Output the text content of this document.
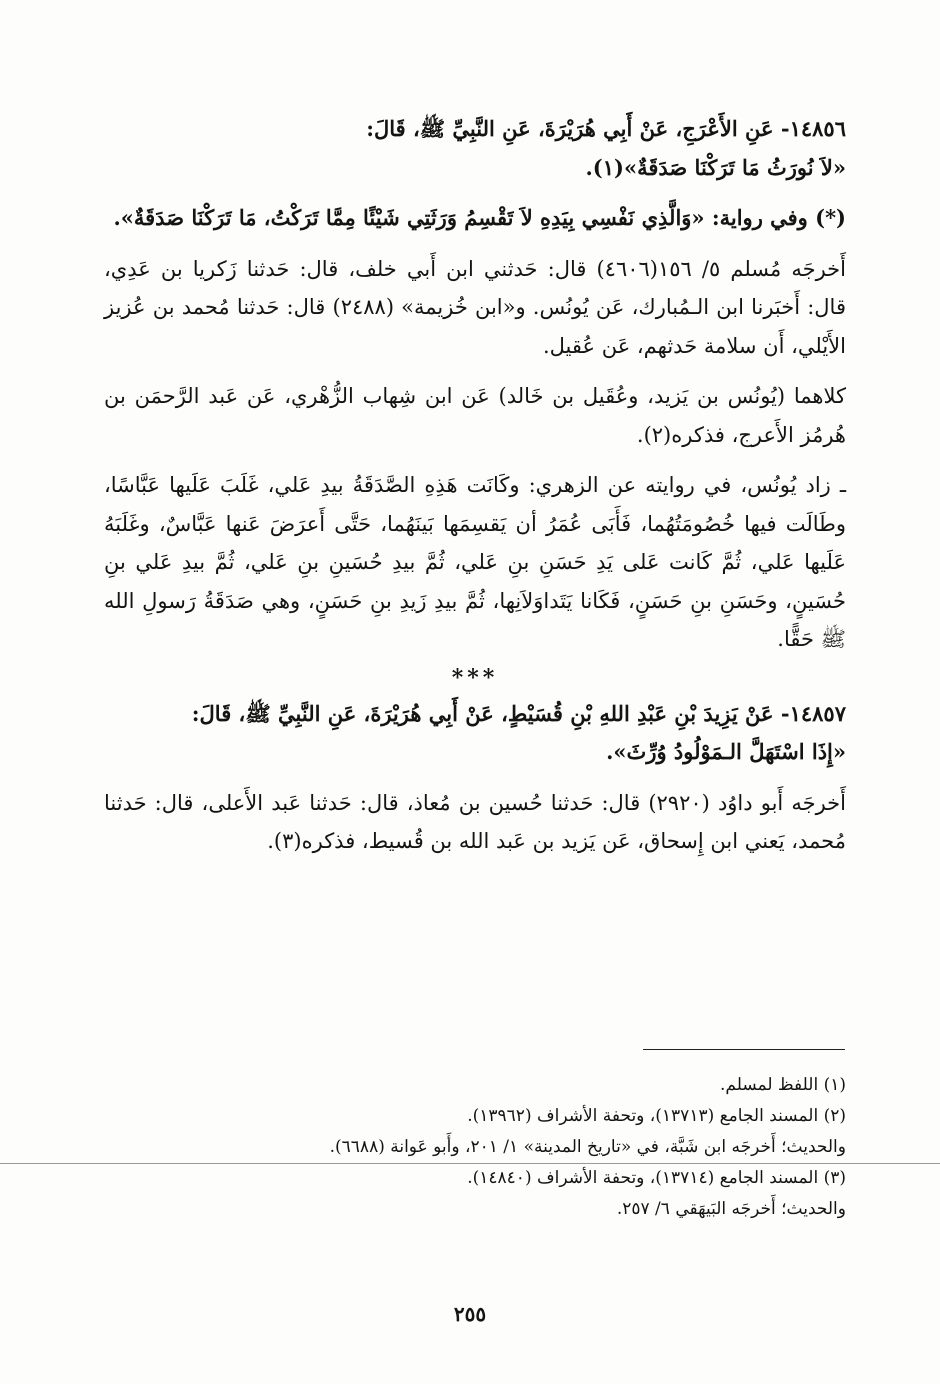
١٤٨٥٦- عَنِ الأَعْرَجِ، عَنْ أَبِي هُرَيْرَةَ، عَنِ النَّبِيِّ ﷺ، قَالَ:
«لاَ نُورَثُ مَا تَرَكْنَا صَدَقَةٌ»(١).

(*) وفي رواية: «وَالَّذِي نَفْسِي بِيَدِهِ لاَ تَقْسِمُ وَرَثَتِي شَيْئًا مِمَّا تَرَكْتُ، مَا تَرَكْنَا صَدَقَةٌ».

أَخرجَه مُسلم ٥/ ١٥٦(٤٦٠٦) قال: حَدثني ابن أَبي خلف، قال: حَدثنا زَكريا بن عَدِي، قال: أَخبَرنا ابن الـمُبارك، عَن يُونُس. و«ابن خُزيمة» (٢٤٨٨) قال: حَدثنا مُحمد بن عُزيز الأَيْلي، أَن سلامة حَدثهم، عَن عُقيل.

كلاهما (يُونُس بن يَزيد، وعُقَيل بن خَالد) عَن ابن شِهاب الزُّهْري، عَن عَبد الرَّحمَن بن هُرمُز الأَعرج، فذكره(٢).

ـ زاد يُونُس، في روايته عن الزهري: وكَانَت هَذِهِ الصَّدَقَةُ بيدِ عَلي، غَلَبَ عَلَيها عَبَّاسًا، وطَالَت فيها خُصُومَتُهُما، فَأَبَى عُمَرُ أن يَقسِمَها بَينَهُما، حَتَّى أَعرَضَ عَنها عَبَّاسٌ، وغَلَبَهُ عَلَيها عَلي، ثُمَّ كَانت عَلى يَدِ حَسَنِ بنِ عَلي، ثُمَّ بيدِ حُسَينِ بنِ عَلي، ثُمَّ بيدِ عَلي بنِ حُسَينٍ، وحَسَنِ بنِ حَسَنٍ، فَكَانا يَتَداوَلاَنِها، ثُمَّ بيدِ زَيدِ بنِ حَسَنٍ، وهي صَدَقَةُ رَسولِ الله ﷺ حَقًّا.

***

١٤٨٥٧- عَنْ يَزِيدَ بْنِ عَبْدِ اللهِ بْنِ قُسَيْطٍ، عَنْ أَبِي هُرَيْرَةَ، عَنِ النَّبِيِّ ﷺ، قَالَ:
«إِذَا اسْتَهَلَّ الـمَوْلُودُ وُرِّثَ».

أَخرجَه أَبو داوُد (٢٩٢٠) قال: حَدثنا حُسين بن مُعاذ، قال: حَدثنا عَبد الأَعلى، قال: حَدثنا مُحمد، يَعني ابن إِسحاق، عَن يَزيد بن عَبد الله بن قُسيط، فذكره(٣).

(١) اللفظ لمسلم.
(٢) المسند الجامع (١٣٧١٣)، وتحفة الأشراف (١٣٩٦٢).
والحديث؛ أَخرجَه ابن شَبَّة، في «تاريخ المدينة» ١/ ٢٠١، وأَبو عَوانة (٦٦٨٨).
(٣) المسند الجامع (١٣٧١٤)، وتحفة الأشراف (١٤٨٤٠).
والحديث؛ أَخرجَه البَيهَقي ٦/ ٢٥٧.
٢٥٥
